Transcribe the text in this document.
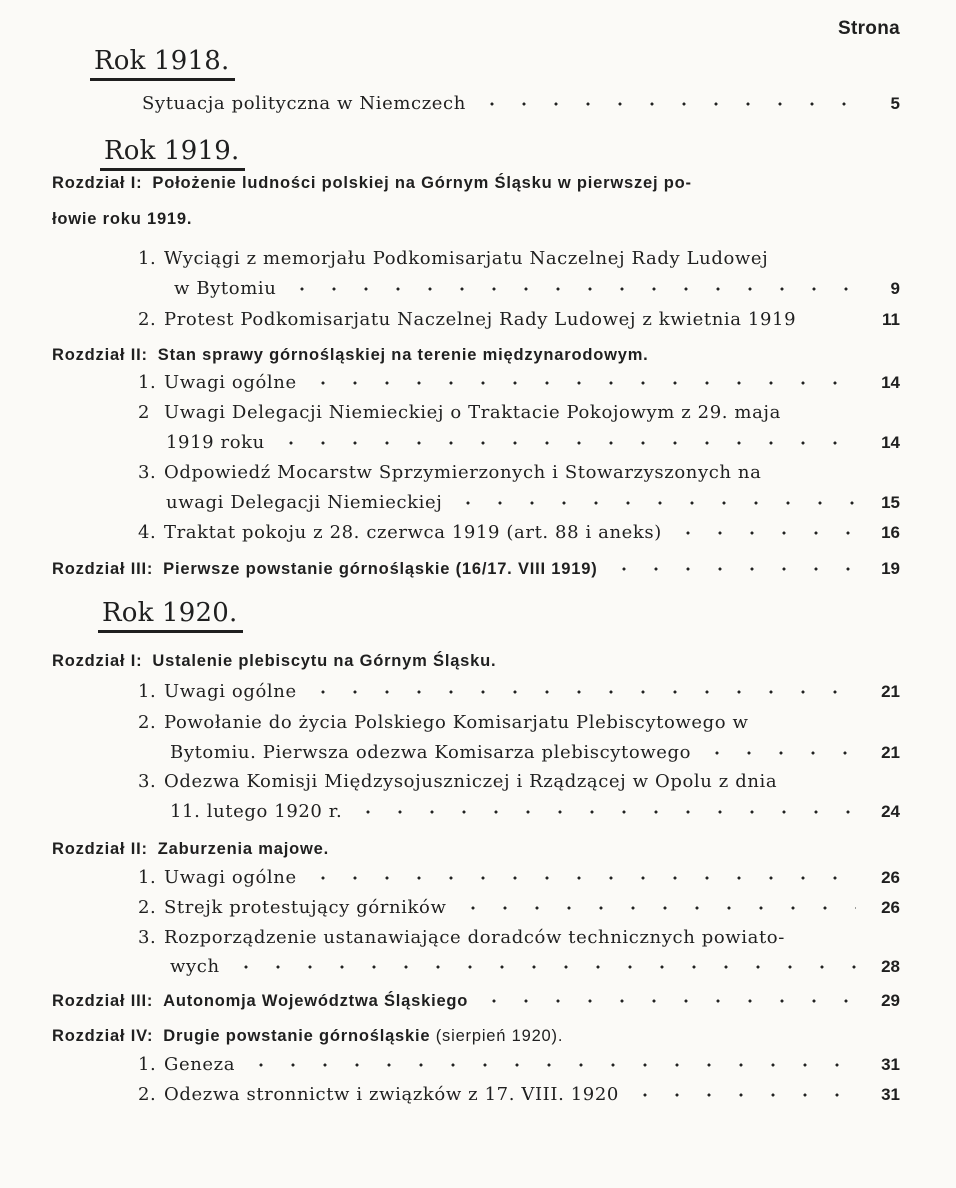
Strona
Rok 1918.
Sytuacja polityczna w Niemczech	5
Rok 1919.
Rozdział I: Położenie ludności polskiej na Górnym Śląsku w pierwszej po-
łowie roku 1919.
1. Wyciągi z memorjału Podkomisarjatu Naczelnej Rady Ludowej
w Bytomiu	9
2. Protest Podkomisarjatu Naczelnej Rady Ludowej z kwietnia 1919	11
Rozdział II: Stan sprawy górnośląskiej na terenie międzynarodowym.
1. Uwagi ogólne	14
2 Uwagi Delegacji Niemieckiej o Traktacie Pokojowym z 29. maja
1919 roku	14
3. Odpowiedź Mocarstw Sprzymierzonych i Stowarzyszonych na
uwagi Delegacji Niemieckiej	15
4. Traktat pokoju z 28. czerwca 1919 (art. 88 i aneks)	16
Rozdział III: Pierwsze powstanie górnośląskie (16/17. VIII 1919)	19
Rok 1920.
Rozdział I: Ustalenie plebiscytu na Górnym Śląsku.
1. Uwagi ogólne	21
2. Powołanie do życia Polskiego Komisarjatu Plebiscytowego w
Bytomiu. Pierwsza odezwa Komisarza plebiscytowego	21
3. Odezwa Komisji Międzysojuszniczej i Rządzącej w Opolu z dnia
11. lutego 1920 r.	24
Rozdział II: Zaburzenia majowe.
1. Uwagi ogólne	26
2. Strejk protestujący górników	26
3. Rozporządzenie ustanawiające doradców technicznych powiato-
wych	28
Rozdział III: Autonomja Województwa Śląskiego	29
Rozdział IV: Drugie powstanie górnośląskie (sierpień 1920).
1. Geneza	31
2. Odezwa stronnictw i związków z 17. VIII. 1920	31
